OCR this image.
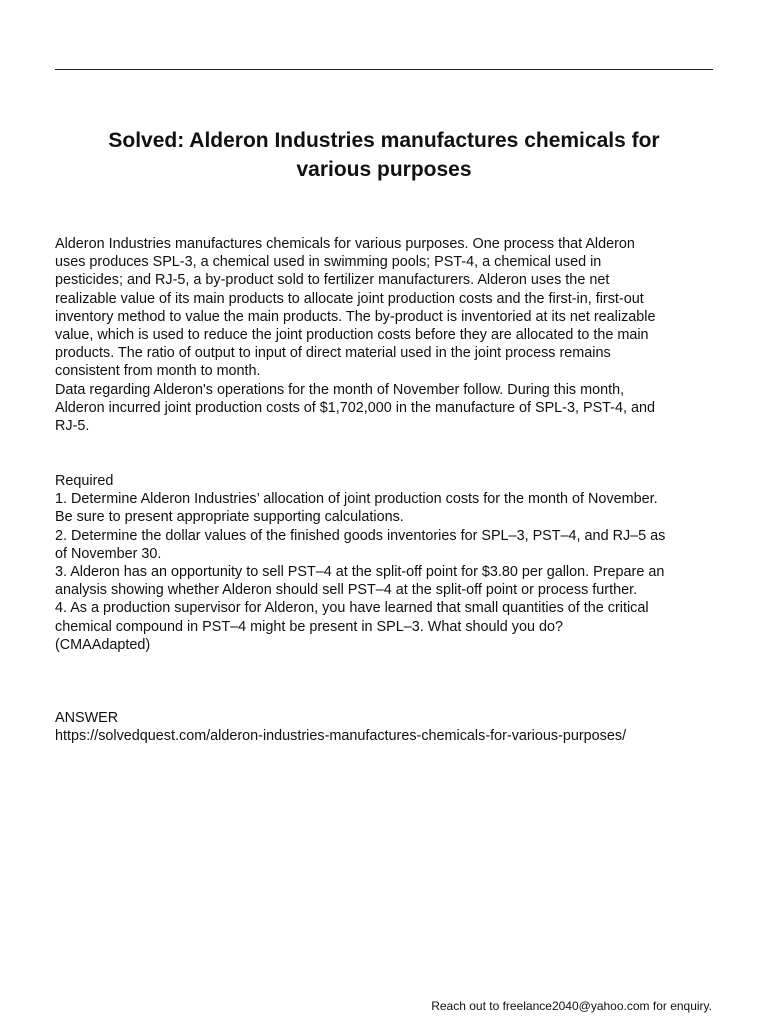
Solved: Alderon Industries manufactures chemicals for
various purposes

Alderon Industries manufactures chemicals for various purposes. One process that Alderon
uses produces SPL-3, a chemical used in swimming pools; PST-4, a chemical used in
pesticides; and RJ-5, a by-product sold to fertilizer manufacturers. Alderon uses the net
realizable value of its main products to allocate joint production costs and the first-in, first-out
inventory method to value the main products. The by-product is inventoried at its net realizable
value, which is used to reduce the joint production costs before they are allocated to the main
products. The ratio of output to input of direct material used in the joint process remains
consistent from month to month.
Data regarding Alderon's operations for the month of November follow. During this month,
Alderon incurred joint production costs of $1,702,000 in the manufacture of SPL-3, PST-4, and
RJ-5.

Required
1. Determine Alderon Industries’ allocation of joint production costs for the month of November.
Be sure to present appropriate supporting calculations.
2. Determine the dollar values of the finished goods inventories for SPL–3, PST–4, and RJ–5 as
of November 30.
3. Alderon has an opportunity to sell PST–4 at the split-off point for $3.80 per gallon. Prepare an
analysis showing whether Alderon should sell PST–4 at the split-off point or process further.
4. As a production supervisor for Alderon, you have learned that small quantities of the critical
chemical compound in PST–4 might be present in SPL–3. What should you do?
(CMAAdapted)

ANSWER
https://solvedquest.com/alderon-industries-manufactures-chemicals-for-various-purposes/

Reach out to freelance2040@yahoo.com for enquiry.
